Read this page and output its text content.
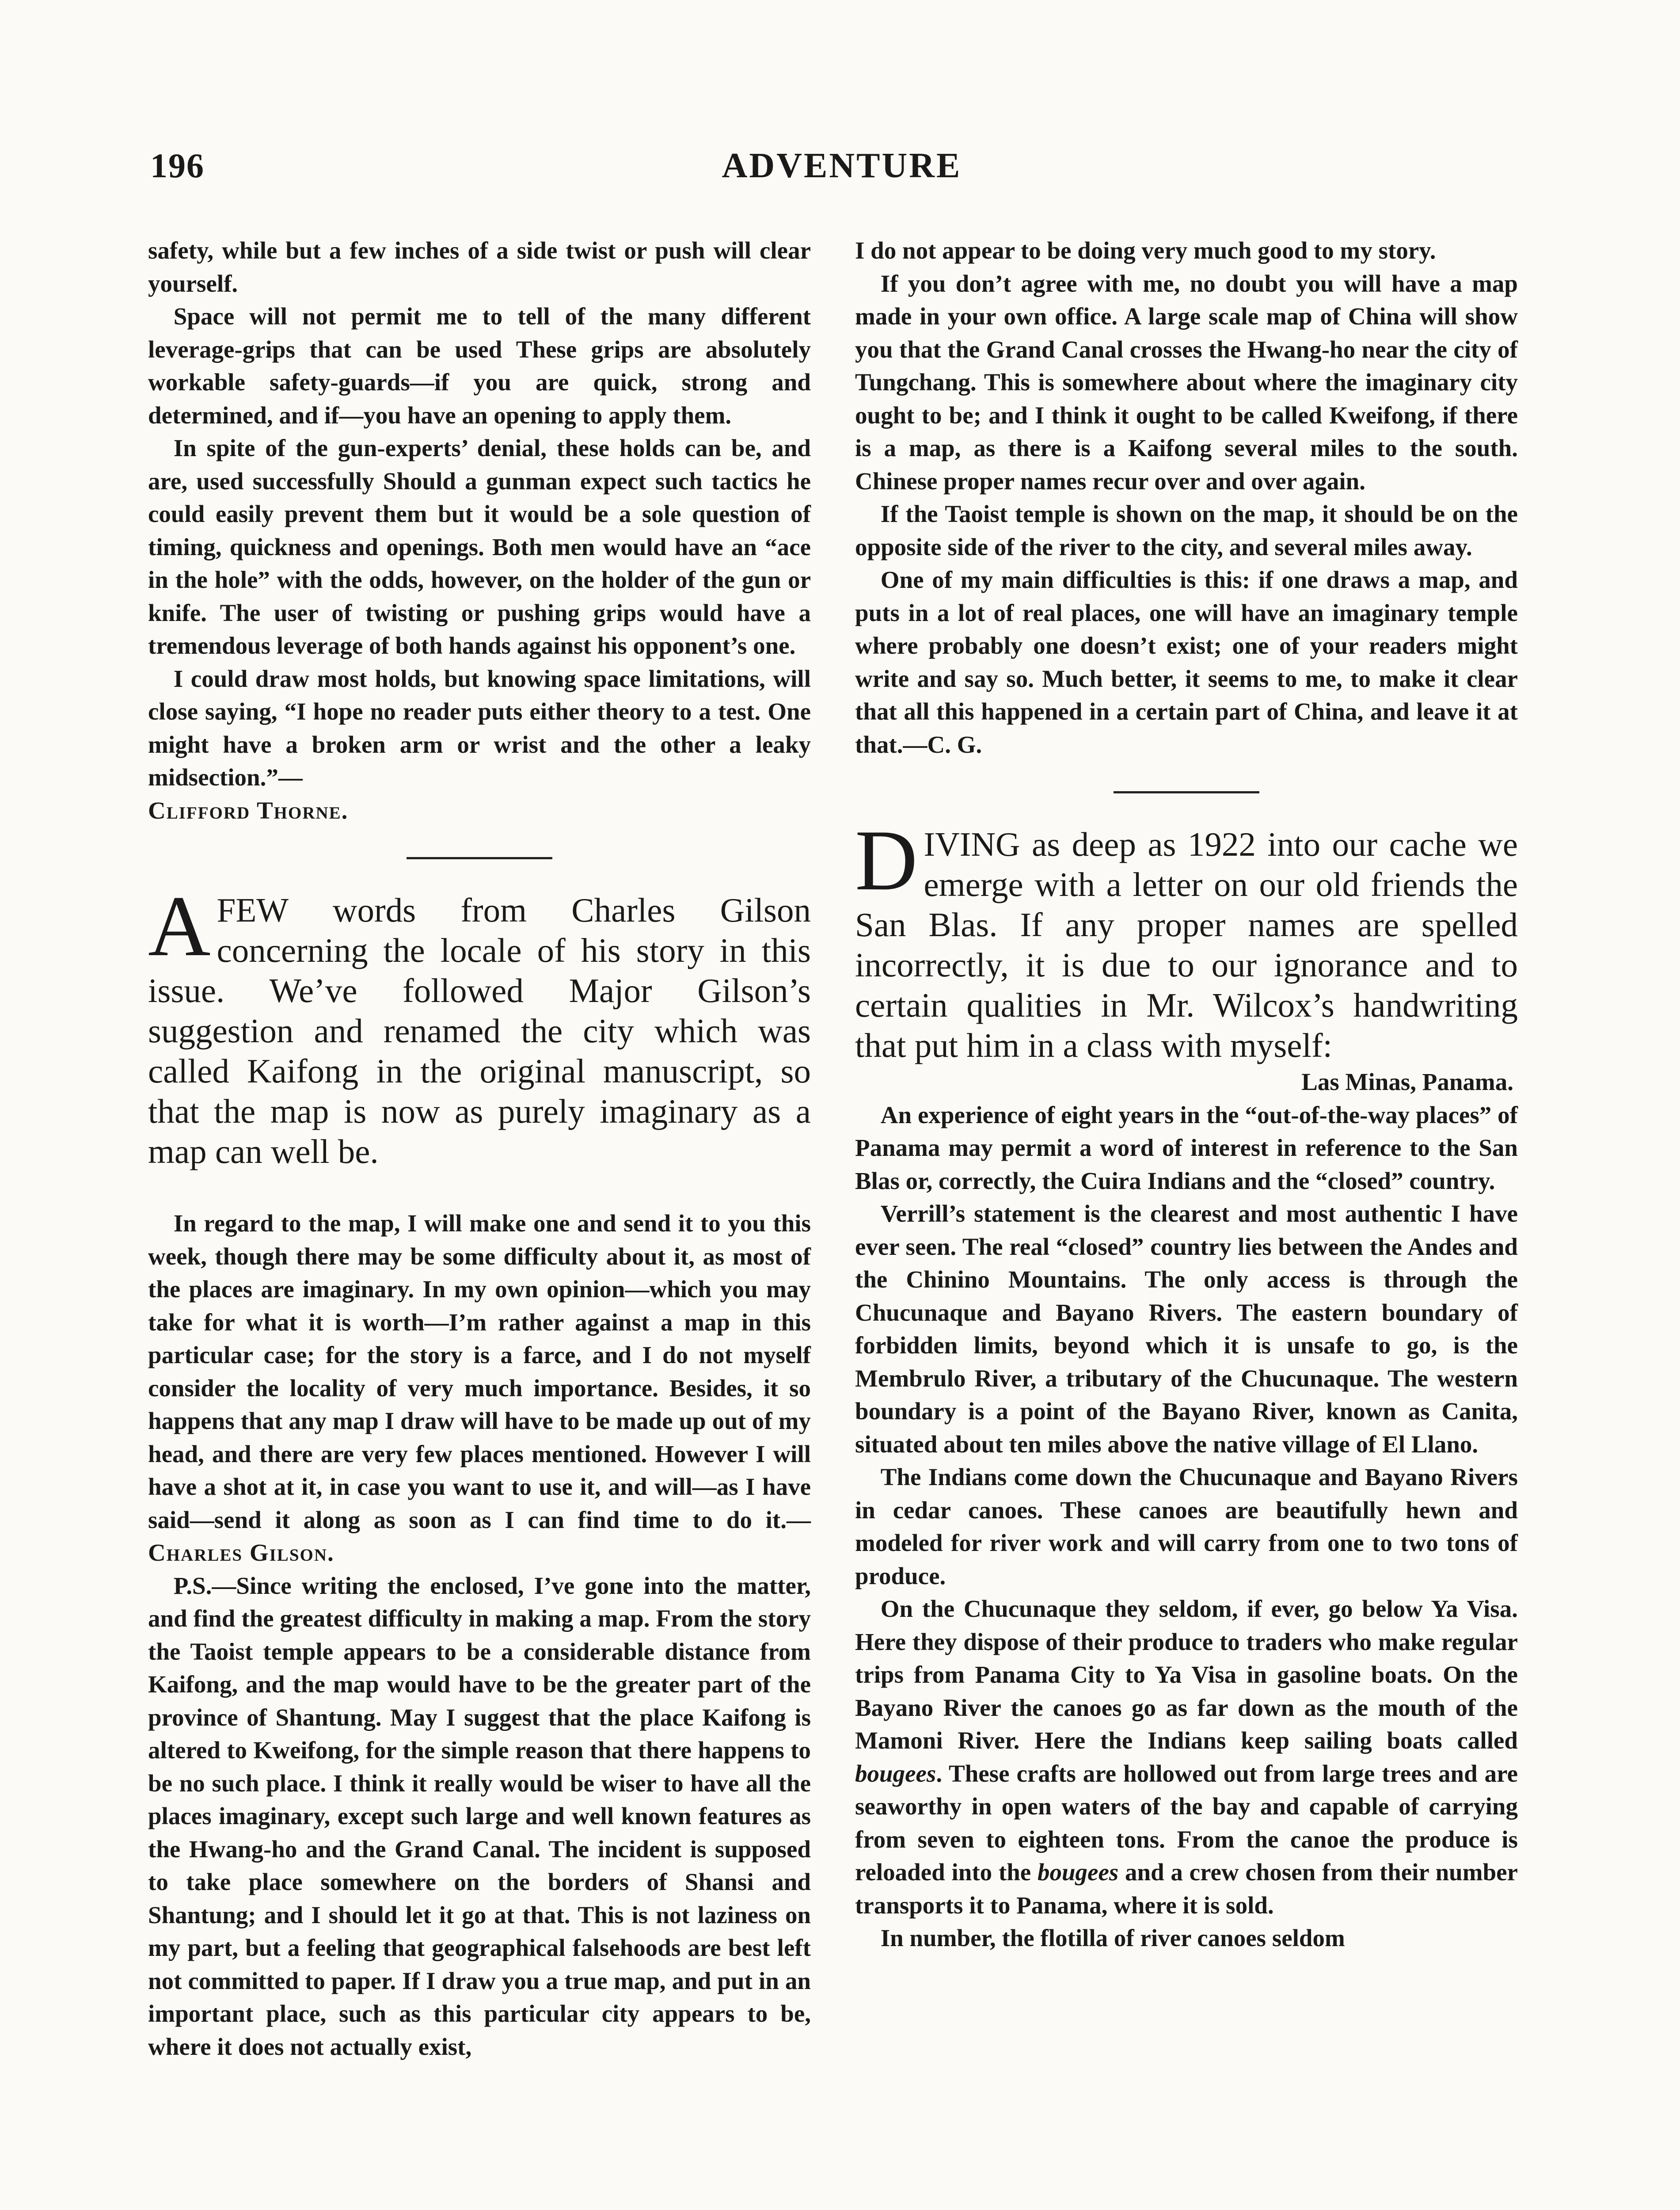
196	ADVENTURE

safety, while but a few inches of a side twist or push will clear yourself.

Space will not permit me to tell of the many different leverage-grips that can be used These grips are absolutely workable safety-guards—if you are quick, strong and determined, and if—you have an opening to apply them.

In spite of the gun-experts’ denial, these holds can be, and are, used successfully Should a gunman expect such tactics he could easily prevent them but it would be a sole question of timing, quickness and openings. Both men would have an “ace in the hole” with the odds, however, on the holder of the gun or knife. The user of twisting or pushing grips would have a tremendous leverage of both hands against his opponent’s one.

I could draw most holds, but knowing space limitations, will close saying, “I hope no reader puts either theory to a test. One might have a broken arm or wrist and the other a leaky midsection.”—
Clifford Thorne.

AFEW words from Charles Gilson concerning the locale of his story in this issue. We’ve followed Major Gilson’s suggestion and renamed the city which was called Kaifong in the original manuscript, so that the map is now as purely imaginary as a map can well be.

In regard to the map, I will make one and send it to you this week, though there may be some difficulty about it, as most of the places are imaginary. In my own opinion—which you may take for what it is worth—I’m rather against a map in this particular case; for the story is a farce, and I do not myself consider the locality of very much importance. Besides, it so happens that any map I draw will have to be made up out of my head, and there are very few places mentioned. However I will have a shot at it, in case you want to use it, and will—as I have said—send it along as soon as I can find time to do it.—Charles Gilson.

P.S.—Since writing the enclosed, I’ve gone into the matter, and find the greatest difficulty in making a map. From the story the Taoist temple appears to be a considerable distance from Kaifong, and the map would have to be the greater part of the province of Shantung. May I suggest that the place Kaifong is altered to Kweifong, for the simple reason that there happens to be no such place. I think it really would be wiser to have all the places imaginary, except such large and well known features as the Hwang-ho and the Grand Canal. The incident is supposed to take place somewhere on the borders of Shansi and Shantung; and I should let it go at that. This is not laziness on my part, but a feeling that geographical falsehoods are best left not committed to paper. If I draw you a true map, and put in an important place, such as this particular city appears to be, where it does not actually exist,

I do not appear to be doing very much good to my story.

If you don’t agree with me, no doubt you will have a map made in your own office. A large scale map of China will show you that the Grand Canal crosses the Hwang-ho near the city of Tungchang. This is somewhere about where the imaginary city ought to be; and I think it ought to be called Kweifong, if there is a map, as there is a Kaifong several miles to the south. Chinese proper names recur over and over again.

If the Taoist temple is shown on the map, it should be on the opposite side of the river to the city, and several miles away.

One of my main difficulties is this: if one draws a map, and puts in a lot of real places, one will have an imaginary temple where probably one doesn’t exist; one of your readers might write and say so. Much better, it seems to me, to make it clear that all this happened in a certain part of China, and leave it at that.—C. G.

DIVING as deep as 1922 into our cache we emerge with a letter on our old friends the San Blas. If any proper names are spelled incorrectly, it is due to our ignorance and to certain qualities in Mr. Wilcox’s handwriting that put him in a class with myself:

Las Minas, Panama.

An experience of eight years in the “out-of-the-way places” of Panama may permit a word of interest in reference to the San Blas or, correctly, the Cuira Indians and the “closed” country.

Verrill’s statement is the clearest and most authentic I have ever seen. The real “closed” country lies between the Andes and the Chinino Mountains. The only access is through the Chucunaque and Bayano Rivers. The eastern boundary of forbidden limits, beyond which it is unsafe to go, is the Membrulo River, a tributary of the Chucunaque. The western boundary is a point of the Bayano River, known as Canita, situated about ten miles above the native village of El Llano.

The Indians come down the Chucunaque and Bayano Rivers in cedar canoes. These canoes are beautifully hewn and modeled for river work and will carry from one to two tons of produce.

On the Chucunaque they seldom, if ever, go below Ya Visa. Here they dispose of their produce to traders who make regular trips from Panama City to Ya Visa in gasoline boats. On the Bayano River the canoes go as far down as the mouth of the Mamoni River. Here the Indians keep sailing boats called bougees. These crafts are hollowed out from large trees and are seaworthy in open waters of the bay and capable of carrying from seven to eighteen tons. From the canoe the produce is reloaded into the bougees and a crew chosen from their number transports it to Panama, where it is sold.

In number, the flotilla of river canoes seldom
